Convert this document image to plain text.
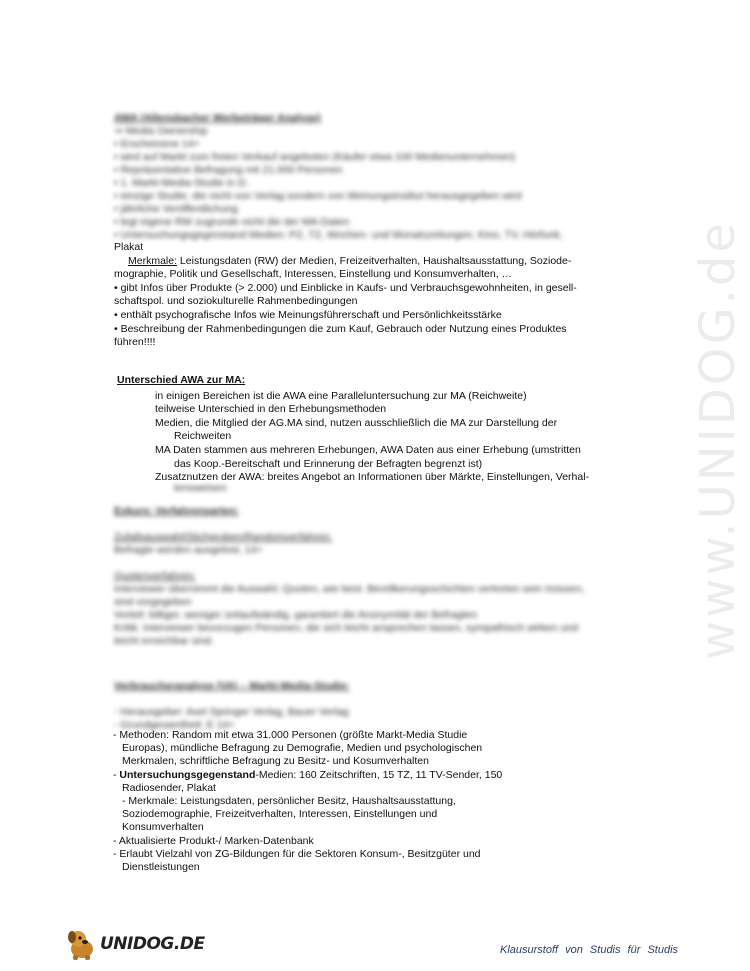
www.UNIDOG.de
AWA (Allensbacher Werbeträger Analyse)
⇒ Media Ownership
• Erscheinene 14+
• wird auf Markt zum freien Verkauf angeboten (Käufer etwa 100 Medienunternehmen)
• Repräsentative Befragung mit 21.000 Personen
• 1. Markt-Media-Studie in D.
• einzige Studie, die nicht von Verlag sondern von Meinungsinstitut herausgegeben wird
• jährliche Veröffentlichung
• legt eigene RW zugrunde nicht die der MA-Daten
• Untersuchungsgegenstand Medien: PZ, TZ, Wochen- und Monatszeitungen, Kino, TV, Hörfunk,

Plakat

Merkmale: Leistungsdaten (RW) der Medien, Freizeitverhalten, Haushaltsausstattung, Soziode-

mographie, Politik und Gesellschaft, Interessen, Einstellung und Konsumverhalten, …

• gibt Infos über Produkte (> 2.000) und Einblicke in Kaufs- und Verbrauchsgewohnheiten, in gesell-

schaftspol. und soziokulturelle Rahmenbedingungen

• enthält psychografische Infos wie Meinungsführerschaft und Persönlichkeitsstärke

• Beschreibung der Rahmenbedingungen die zum Kauf, Gebrauch oder Nutzung eines Produktes

führen!!!!

Unterschied AWA zur MA:

in einigen Bereichen ist die AWA eine Paralleluntersuchung zur MA (Reichweite)

teilweise Unterschied in den Erhebungsmethoden

Medien, die Mitglied der AG.MA sind, nutzen ausschließlich die MA zur Darstellung der

Reichweiten

MA Daten stammen aus mehreren Erhebungen, AWA Daten aus einer Erhebung (umstritten

das Koop.-Bereitschaft und Erinnerung der Befragten begrenzt ist)

Zusatznutzen der AWA: breites Angebot an Informationen über Märkte, Einstellungen, Verhal-

tensweisen

Exkurs: Verfahrensarten:

Zufallsauswahl/Stichproben/Randomverfahren:
Befragte werden ausgelost, 14+

Quotenverfahren:
Interviewer übernimmt die Auswahl; Quoten, wie best. Bevölkerungsschichten vertreten sein müssen,
sind vorgegeben
Vorteil: billiger, weniger zeitaufwändig, garantiert die Anonymität der Befragten
Kritik: Interviewer bevorzugen Personen, die sich leicht ansprechen lassen, sympathisch wirken und
leicht erreichbar sind.
Verbraucheranalyse (VA) – Markt-Media-Studie:

- Herausgeber: Axel Springer Verlag, Bauer Verlag
- Grundgesamtheit: E 14+

- Methoden: Random mit etwa 31.000 Personen (größte Markt-Media Studie

Europas), mündliche Befragung zu Demografie, Medien und psychologischen

Merkmalen, schriftliche Befragung zu Besitz- und Kosumverhalten

- Untersuchungsgegenstand-Medien: 160 Zeitschriften, 15 TZ, 11 TV-Sender, 150

Radiosender, Plakat

- Merkmale: Leistungsdaten, persönlicher Besitz, Haushaltsausstattung,

Soziodemographie, Freizeitverhalten, Interessen, Einstellungen und

Konsumverhalten

- Aktualisierte Produkt-/ Marken-Datenbank

- Erlaubt Vielzahl von ZG-Bildungen für die Sektoren Konsum-, Besitzgüter und

Dienstleistungen

UNIDOG.DE	Klausurstoff von Studis für Studis
